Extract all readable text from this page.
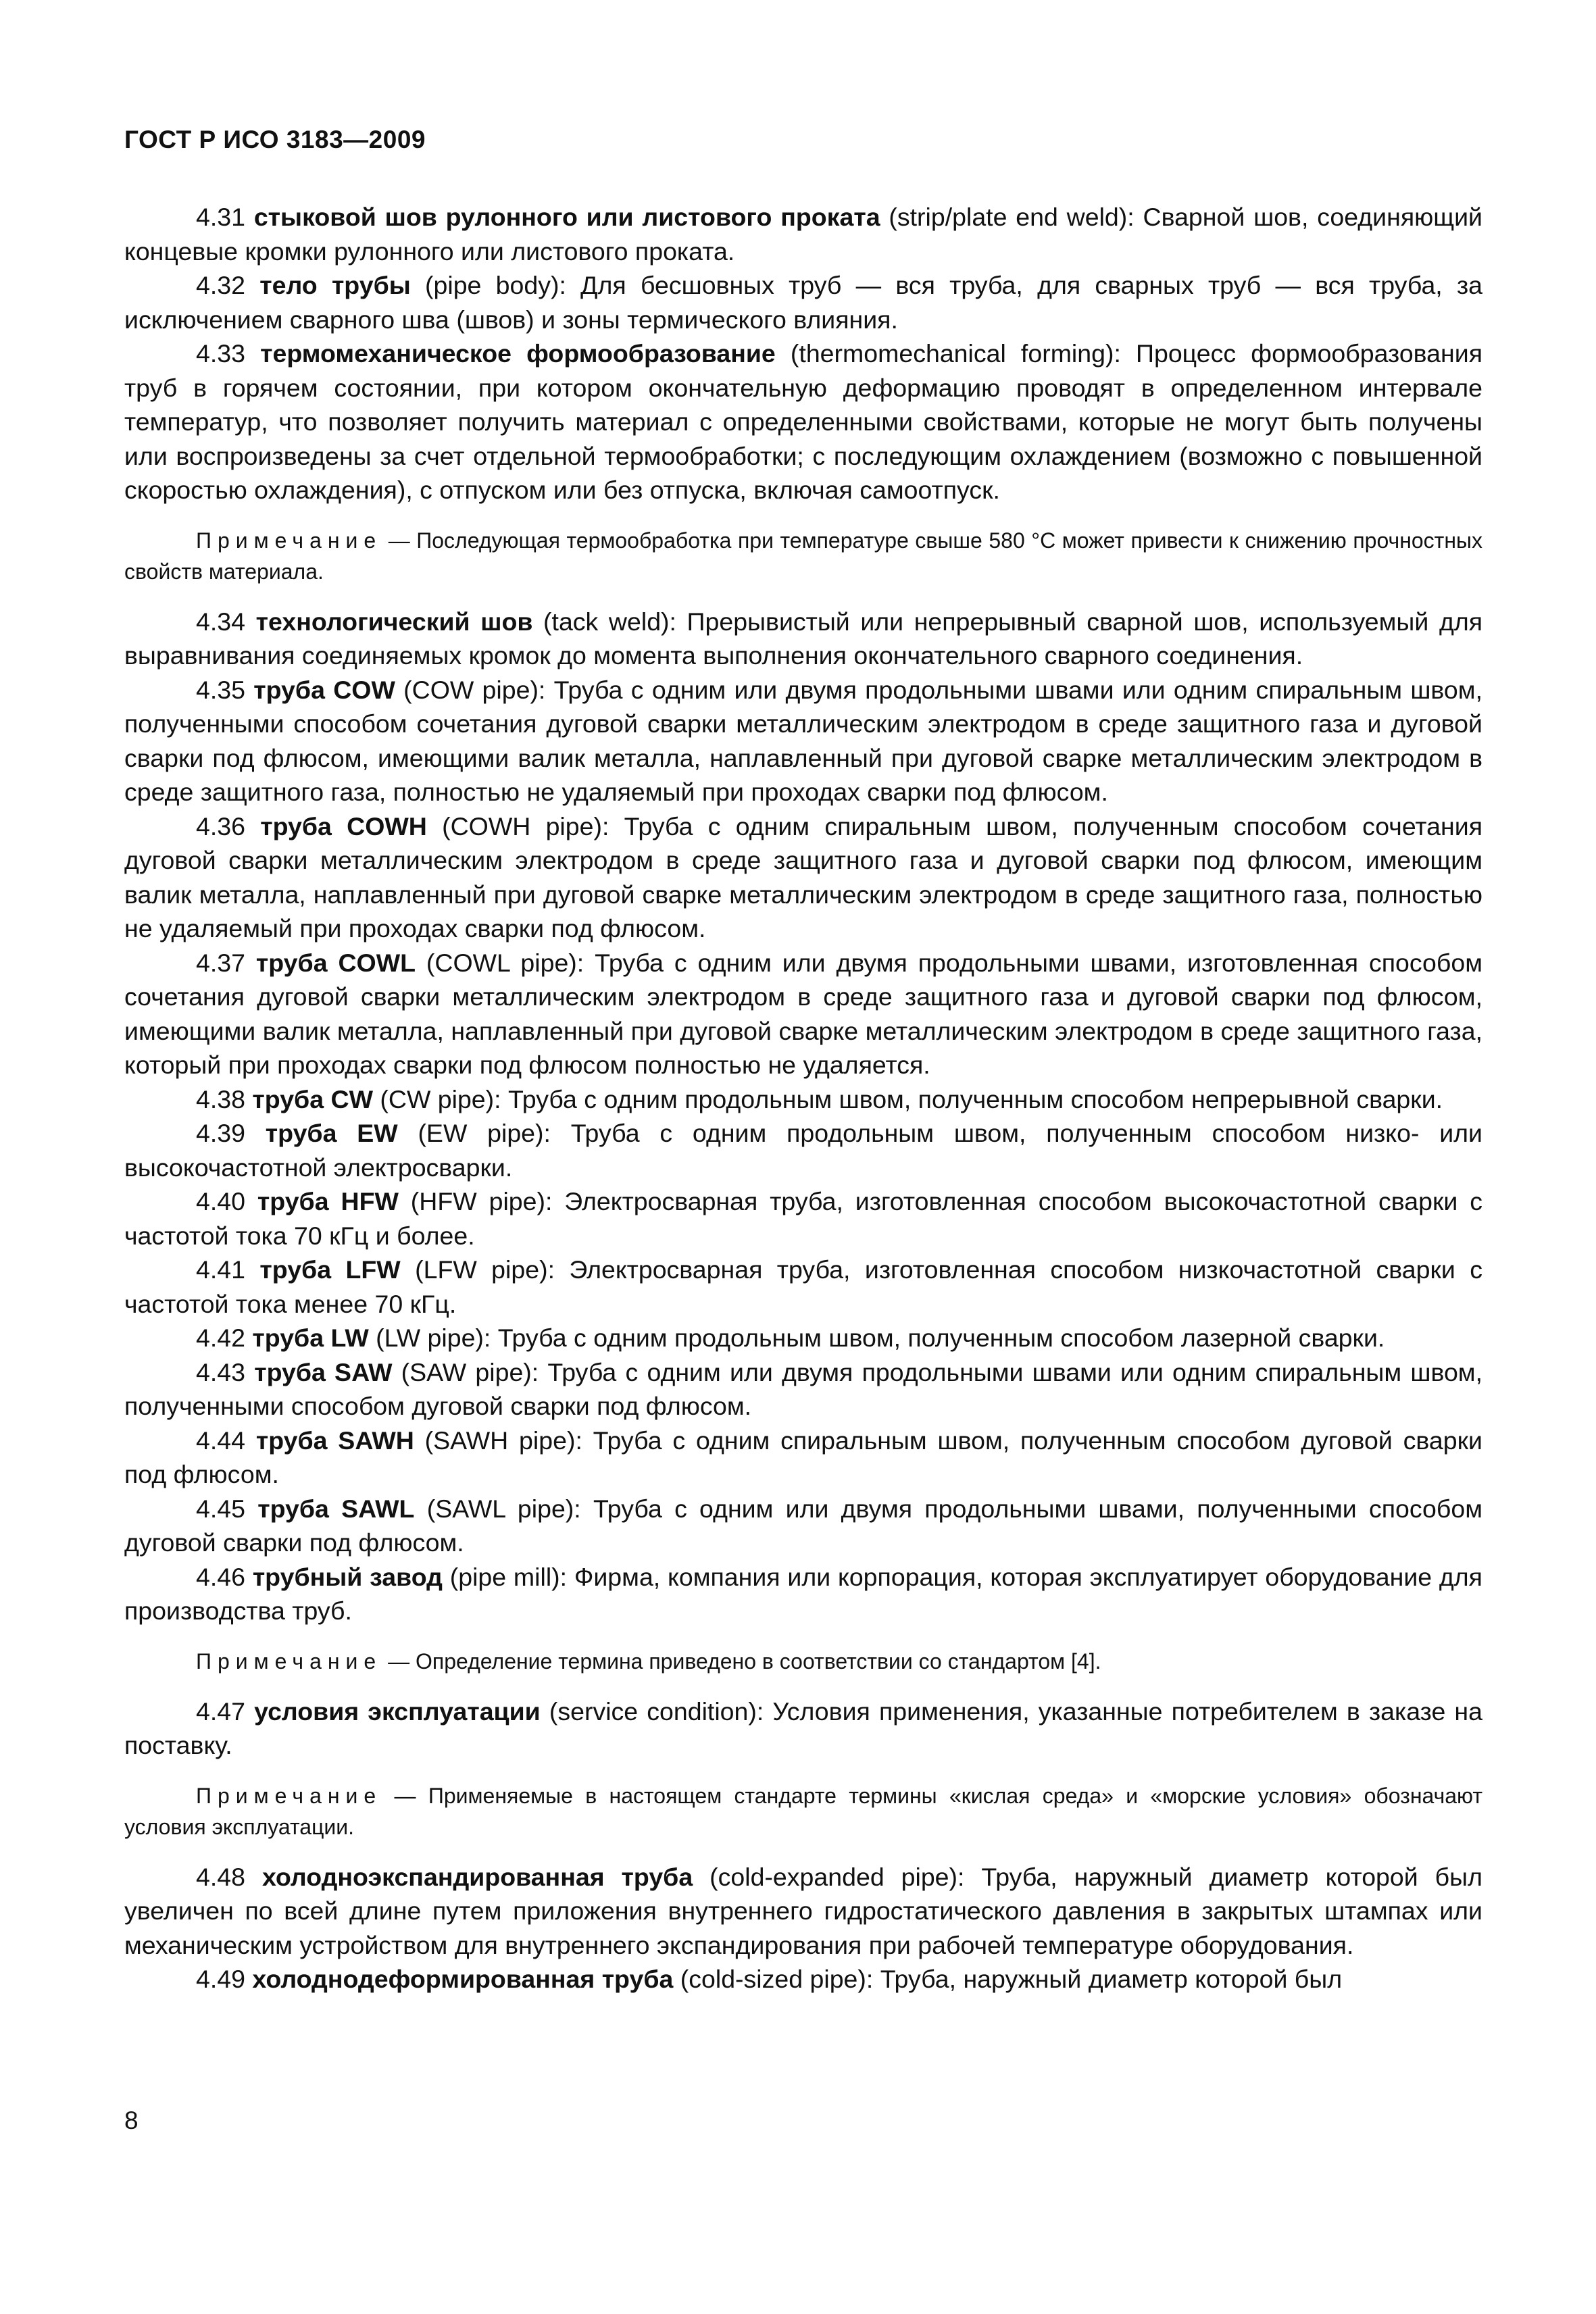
ГОСТ Р ИСО 3183—2009

4.31 стыковой шов рулонного или листового проката (strip/plate end weld): Сварной шов, соединяющий концевые кромки рулонного или листового проката.

4.32 тело трубы (pipe body): Для бесшовных труб — вся труба, для сварных труб — вся труба, за исключением сварного шва (швов) и зоны термического влияния.

4.33 термомеханическое формообразование (thermomechanical forming): Процесс формообразования труб в горячем состоянии, при котором окончательную деформацию проводят в определенном интервале температур, что позволяет получить материал с определенными свойствами, которые не могут быть получены или воспроизведены за счет отдельной термообработки; с последующим охлаждением (возможно с повышенной скоростью охлаждения), с отпуском или без отпуска, включая самоотпуск.

Примечание — Последующая термообработка при температуре свыше 580 °С может привести к снижению прочностных свойств материала.

4.34 технологический шов (tack weld): Прерывистый или непрерывный сварной шов, используемый для выравнивания соединяемых кромок до момента выполнения окончательного сварного соединения.

4.35 труба COW (COW pipe): Труба с одним или двумя продольными швами или одним спиральным швом, полученными способом сочетания дуговой сварки металлическим электродом в среде защитного газа и дуговой сварки под флюсом, имеющими валик металла, наплавленный при дуговой сварке металлическим электродом в среде защитного газа, полностью не удаляемый при проходах сварки под флюсом.

4.36 труба COWH (COWH pipe): Труба с одним спиральным швом, полученным способом сочетания дуговой сварки металлическим электродом в среде защитного газа и дуговой сварки под флюсом, имеющим валик металла, наплавленный при дуговой сварке металлическим электродом в среде защитного газа, полностью не удаляемый при проходах сварки под флюсом.

4.37 труба COWL (COWL pipe): Труба с одним или двумя продольными швами, изготовленная способом сочетания дуговой сварки металлическим электродом в среде защитного газа и дуговой сварки под флюсом, имеющими валик металла, наплавленный при дуговой сварке металлическим электродом в среде защитного газа, который при проходах сварки под флюсом полностью не удаляется.

4.38 труба CW (CW pipe): Труба с одним продольным швом, полученным способом непрерывной сварки.

4.39 труба EW (EW pipe): Труба с одним продольным швом, полученным способом низко- или высокочастотной электросварки.

4.40 труба HFW (HFW pipe): Электросварная труба, изготовленная способом высокочастотной сварки с частотой тока 70 кГц и более.

4.41 труба LFW (LFW pipe): Электросварная труба, изготовленная способом низкочастотной сварки с частотой тока менее 70 кГц.

4.42 труба LW (LW pipe): Труба с одним продольным швом, полученным способом лазерной сварки.

4.43 труба SAW (SAW pipe): Труба с одним или двумя продольными швами или одним спиральным швом, полученными способом дуговой сварки под флюсом.

4.44 труба SAWH (SAWH pipe): Труба с одним спиральным швом, полученным способом дуговой сварки под флюсом.

4.45 труба SAWL (SAWL pipe): Труба с одним или двумя продольными швами, полученными способом дуговой сварки под флюсом.

4.46 трубный завод (pipe mill): Фирма, компания или корпорация, которая эксплуатирует оборудование для производства труб.

Примечание — Определение термина приведено в соответствии со стандартом [4].

4.47 условия эксплуатации (service condition): Условия применения, указанные потребителем в заказе на поставку.

Примечание — Применяемые в настоящем стандарте термины «кислая среда» и «морские условия» обозначают условия эксплуатации.

4.48 холодноэкспандированная труба (cold-expanded pipe): Труба, наружный диаметр которой был увеличен по всей длине путем приложения внутреннего гидростатического давления в закрытых штампах или механическим устройством для внутреннего экспандирования при рабочей температуре оборудования.

4.49 холоднодеформированная труба (cold-sized pipe): Труба, наружный диаметр которой был

8
